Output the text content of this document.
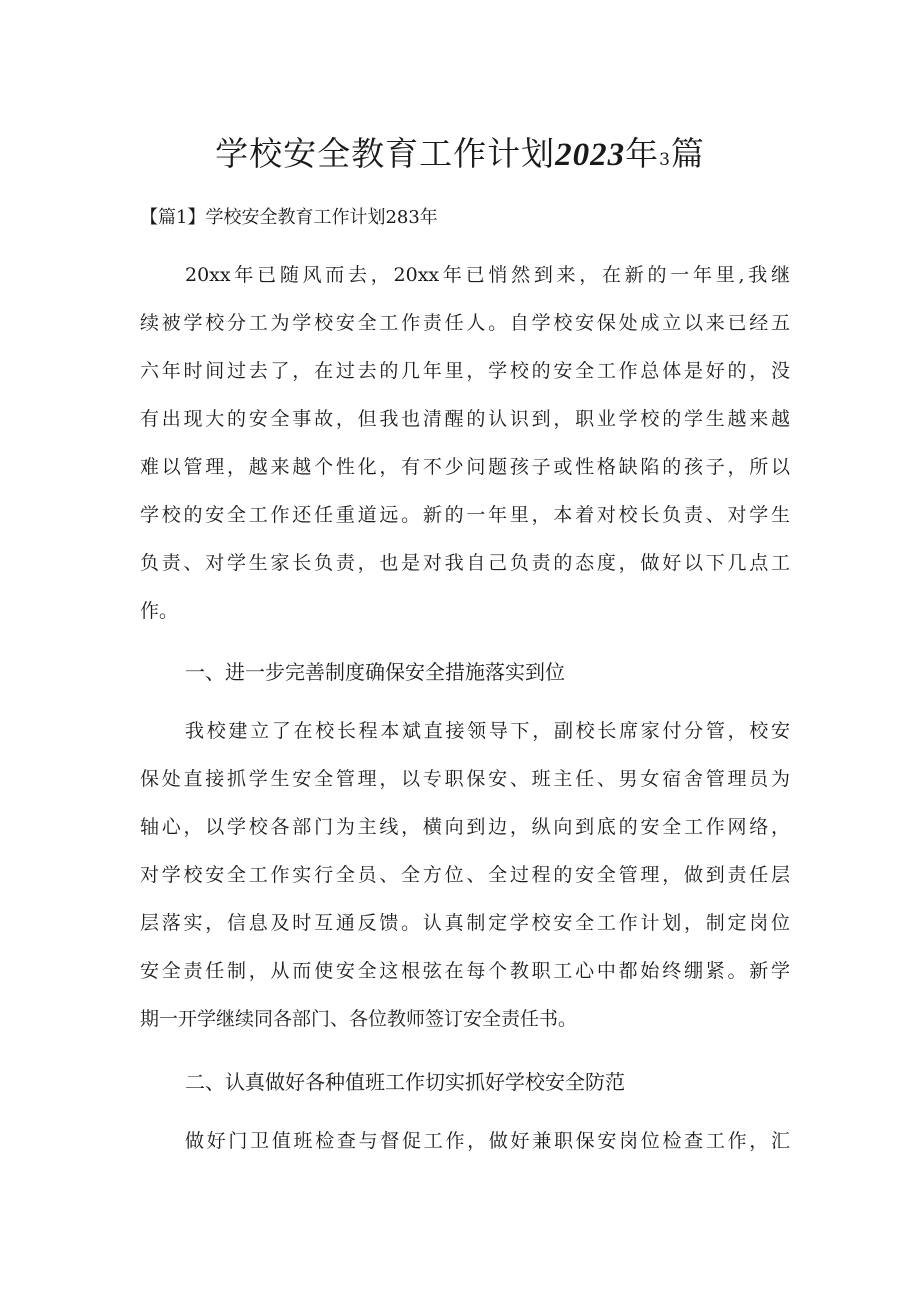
学校安全教育工作计划2023年3篇
【篇1】学校安全教育工作计划283年
20xx年已随风而去，20xx年已悄然到来，在新的一年里,我继
续被学校分工为学校安全工作责任人。自学校安保处成立以来已经五
六年时间过去了，在过去的几年里，学校的安全工作总体是好的，没
有出现大的安全事故，但我也清醒的认识到，职业学校的学生越来越
难以管理，越来越个性化，有不少问题孩子或性格缺陷的孩子，所以
学校的安全工作还任重道远。新的一年里，本着对校长负责、对学生
负责、对学生家长负责，也是对我自己负责的态度，做好以下几点工
作。
一、进一步完善制度确保安全措施落实到位
我校建立了在校长程本斌直接领导下，副校长席家付分管，校安
保处直接抓学生安全管理，以专职保安、班主任、男女宿舍管理员为
轴心，以学校各部门为主线，横向到边，纵向到底的安全工作网络，
对学校安全工作实行全员、全方位、全过程的安全管理，做到责任层
层落实，信息及时互通反馈。认真制定学校安全工作计划，制定岗位
安全责任制，从而使安全这根弦在每个教职工心中都始终绷紧。新学
期一开学继续同各部门、各位教师签订安全责任书。
二、认真做好各种值班工作切实抓好学校安全防范
做好门卫值班检查与督促工作，做好兼职保安岗位检查工作，汇
